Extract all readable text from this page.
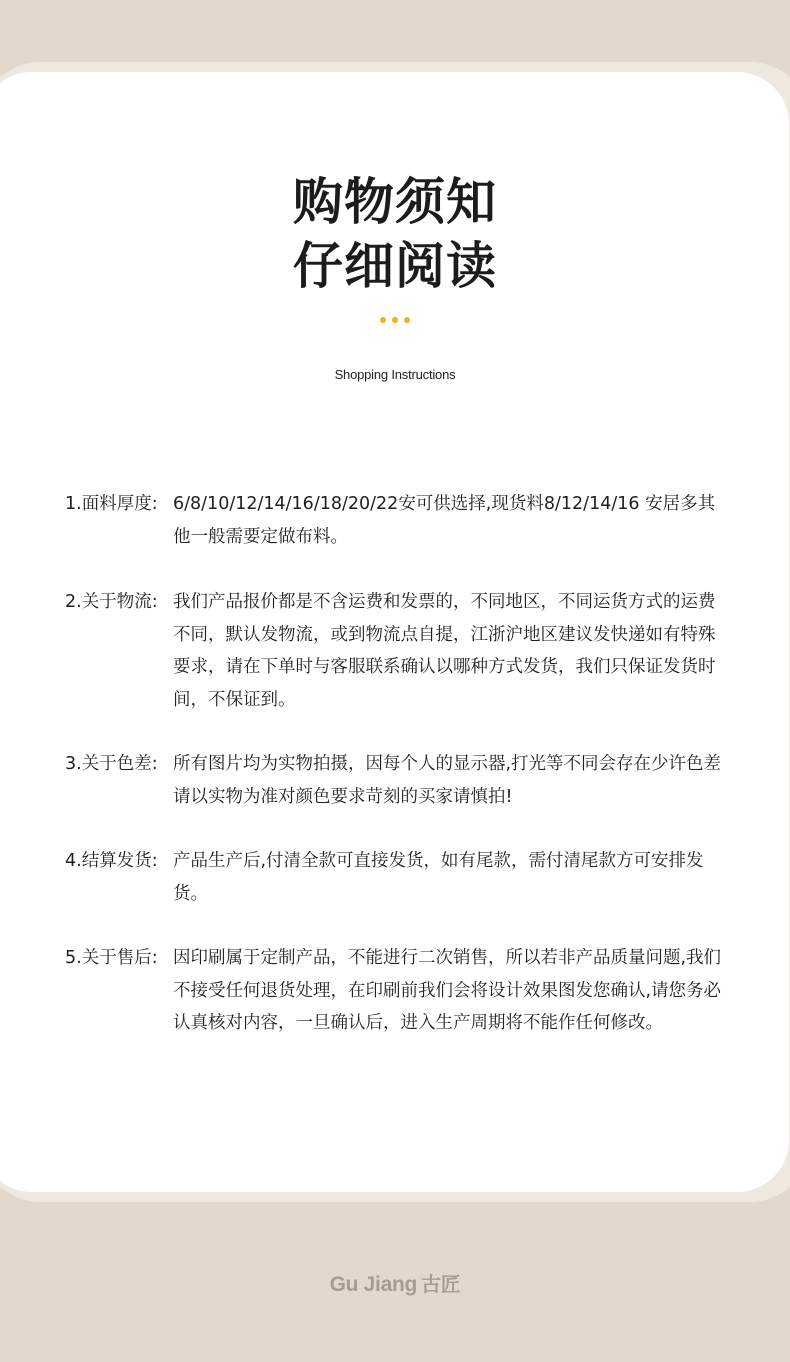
购物须知
仔细阅读
Shopping Instructions
1.面料厚度: 6/8/10/12/14/16/18/20/22安可供选择,现货料8/12/14/16 安居多其他一般需要定做布料。
2.关于物流: 我们产品报价都是不含运费和发票的，不同地区，不同运货方式的运费不同，默认发物流，或到物流点自提，江浙沪地区建议发快递如有特殊要求，请在下单时与客服联系确认以哪种方式发货，我们只保证发货时间，不保证到。
3.关于色差: 所有图片均为实物拍摄，因每个人的显示器,打光等不同会存在少许色差请以实物为准对颜色要求苛刻的买家请慎拍!
4.结算发货: 产品生产后,付清全款可直接发货，如有尾款，需付清尾款方可安排发货。
5.关于售后: 因印刷属于定制产品，不能进行二次销售，所以若非产品质量问题,我们不接受任何退货处理，在印刷前我们会将设计效果图发您确认,请您务必认真核对内容，一旦确认后，进入生产周期将不能作任何修改。
Gu Jiang 古匠
